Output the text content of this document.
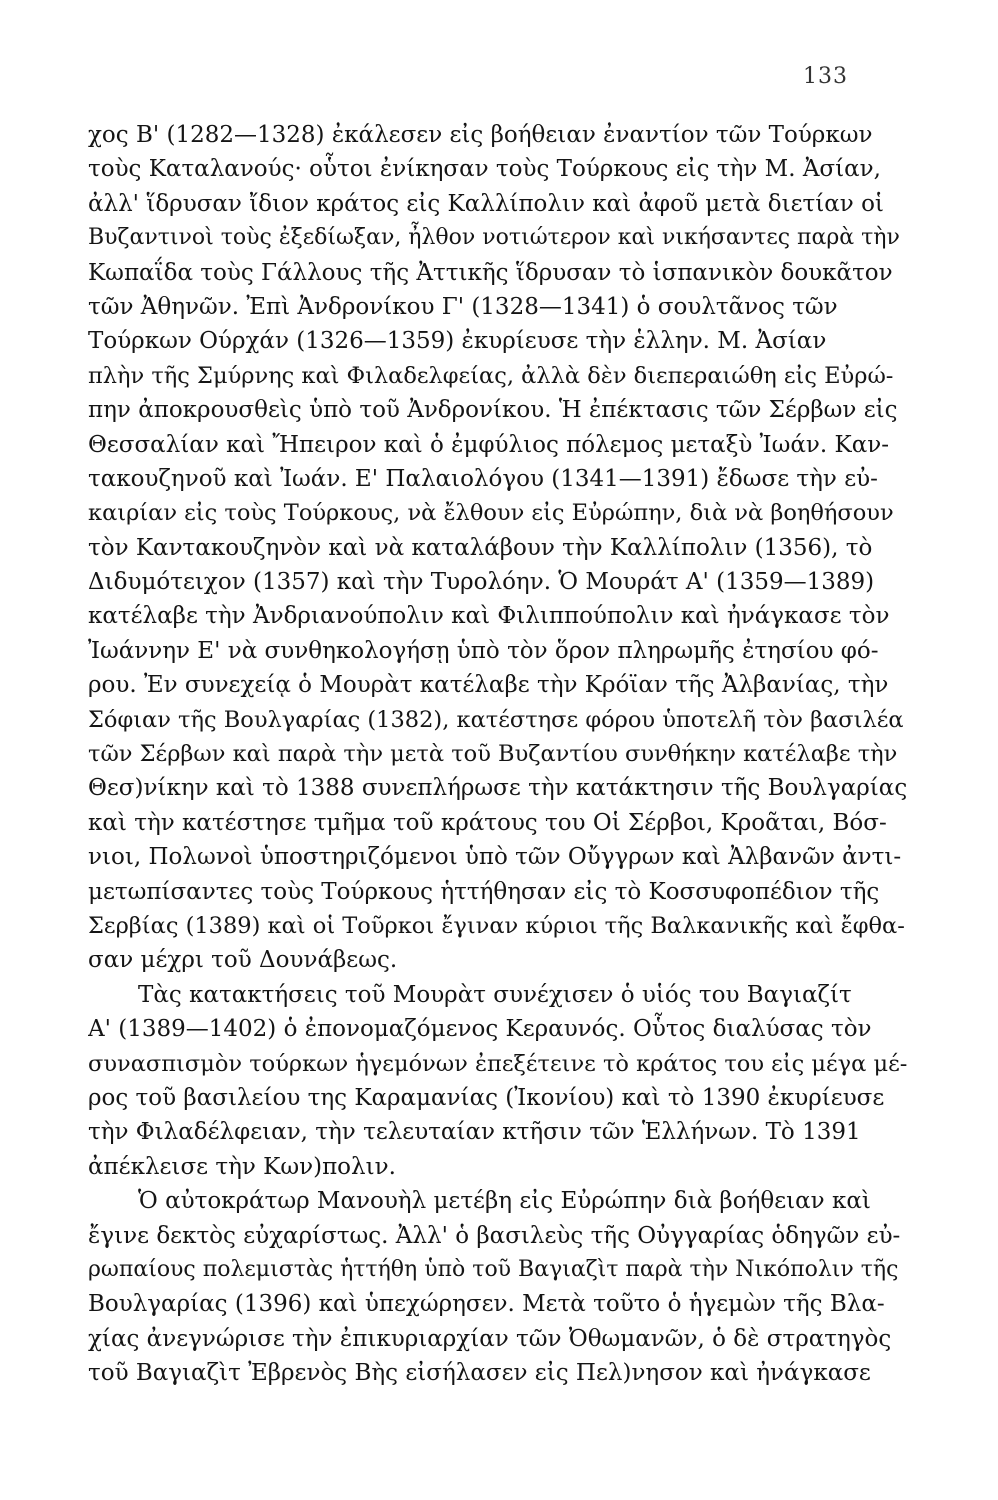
133
χος Β' (1282—1328) ἐκάλεσεν εἰς βοήθειαν ἐναντίον τῶν Τούρκων
τοὺς Καταλανούς· οὗτοι ἐνίκησαν τοὺς Τούρκους εἰς τὴν Μ. Ἀσίαν,
ἀλλ' ἵδρυσαν ἴδιον κράτος εἰς Καλλίπολιν καὶ ἀφοῦ μετὰ διετίαν οἱ
Βυζαντινοὶ τοὺς ἐξεδίωξαν, ἦλθον νοτιώτερον καὶ νικήσαντες παρὰ τὴν
Κωπαΐδα τοὺς Γάλλους τῆς Ἀττικῆς ἵδρυσαν τὸ ἱσπανικὸν δουκᾶτον
τῶν Ἀθηνῶν. Ἐπὶ Ἀνδρονίκου Γ' (1328—1341) ὁ σουλτᾶνος τῶν
Τούρκων Ούρχάν (1326—1359) ἐκυρίευσε τὴν ἑλλην. Μ. Ἀσίαν
πλὴν τῆς Σμύρνης καὶ Φιλαδελφείας, ἀλλὰ δὲν διεπεραιώθη εἰς Εὐρώ-
πην ἀποκρουσθεὶς ὑπὸ τοῦ Ἀνδρονίκου. Ἡ ἐπέκτασις τῶν Σέρβων εἰς
Θεσσαλίαν καὶ Ἤπειρον καὶ ὁ ἐμφύλιος πόλεμος μεταξὺ Ἰωάν. Καν-
τακουζηνοῦ καὶ Ἰωάν. Ε' Παλαιολόγου (1341—1391) ἔδωσε τὴν εὐ-
καιρίαν εἰς τοὺς Τούρκους, νὰ ἔλθουν εἰς Εὐρώπην, διὰ νὰ βοηθήσουν
τὸν Καντακουζηνὸν καὶ νὰ καταλάβουν τὴν Καλλίπολιν (1356), τὸ
Διδυμότειχον (1357) καὶ τὴν Τυρολόην. Ὁ Μουράτ Α' (1359—1389)
κατέλαβε τὴν Ἀνδριανούπολιν καὶ Φιλιππούπολιν καὶ ἠνάγκασε τὸν
Ἰωάννην Ε' νὰ συνθηκολογήσῃ ὑπὸ τὸν ὅρον πληρωμῆς ἐτησίου φό-
ρου. Ἐν συνεχείᾳ ὁ Μουρὰτ κατέλαβε τὴν Κρόϊαν τῆς Ἀλβανίας, τὴν
Σόφιαν τῆς Βουλγαρίας (1382), κατέστησε φόρου ὑποτελῆ τὸν βασιλέα
τῶν Σέρβων καὶ παρὰ τὴν μετὰ τοῦ Βυζαντίου συνθήκην κατέλαβε τὴν
Θεσ)νίκην καὶ τὸ 1388 συνεπλήρωσε τὴν κατάκτησιν τῆς Βουλγαρίας
καὶ τὴν κατέστησε τμῆμα τοῦ κράτους του Οἱ Σέρβοι, Κροᾶται, Βόσ-
νιοι, Πολωνοὶ ὑποστηριζόμενοι ὑπὸ τῶν Οὔγγρων καὶ Ἀλβανῶν ἀντι-
μετωπίσαντες τοὺς Τούρκους ἡττήθησαν εἰς τὸ Κοσσυφοπέδιον τῆς
Σερβίας (1389) καὶ οἱ Τοῦρκοι ἔγιναν κύριοι τῆς Βαλκανικῆς καὶ ἔφθα-
σαν μέχρι τοῦ Δουνάβεως.
Τὰς κατακτήσεις τοῦ Μουρὰτ συνέχισεν ὁ υἱός του Βαγιαζίτ
Α' (1389—1402) ὁ ἐπονομαζόμενος Κεραυνός. Οὗτος διαλύσας τὸν
συνασπισμὸν τούρκων ἡγεμόνων ἐπεξέτεινε τὸ κράτος του εἰς μέγα μέ-
ρος τοῦ βασιλείου της Καραμανίας (Ἰκονίου) καὶ τὸ 1390 ἐκυρίευσε
τὴν Φιλαδέλφειαν, τὴν τελευταίαν κτῆσιν τῶν Ἑλλήνων. Τὸ 1391
ἀπέκλεισε τὴν Κων)πολιν.
Ὁ αὐτοκράτωρ Μανουὴλ μετέβη εἰς Εὐρώπην διὰ βοήθειαν καὶ
ἔγινε δεκτὸς εὐχαρίστως. Ἀλλ' ὁ βασιλεὺς τῆς Οὐγγαρίας ὁδηγῶν εὐ-
ρωπαίους πολεμιστὰς ἡττήθη ὑπὸ τοῦ Βαγιαζὶτ παρὰ τὴν Νικόπολιν τῆς
Βουλγαρίας (1396) καὶ ὑπεχώρησεν. Μετὰ τοῦτο ὁ ἡγεμὼν τῆς Βλα-
χίας ἀνεγνώρισε τὴν ἐπικυριαρχίαν τῶν Ὀθωμανῶν, ὁ δὲ στρατηγὸς
τοῦ Βαγιαζὶτ Ἐβρενὸς Βὴς εἰσήλασεν εἰς Πελ)νησον καὶ ἠνάγκασε
